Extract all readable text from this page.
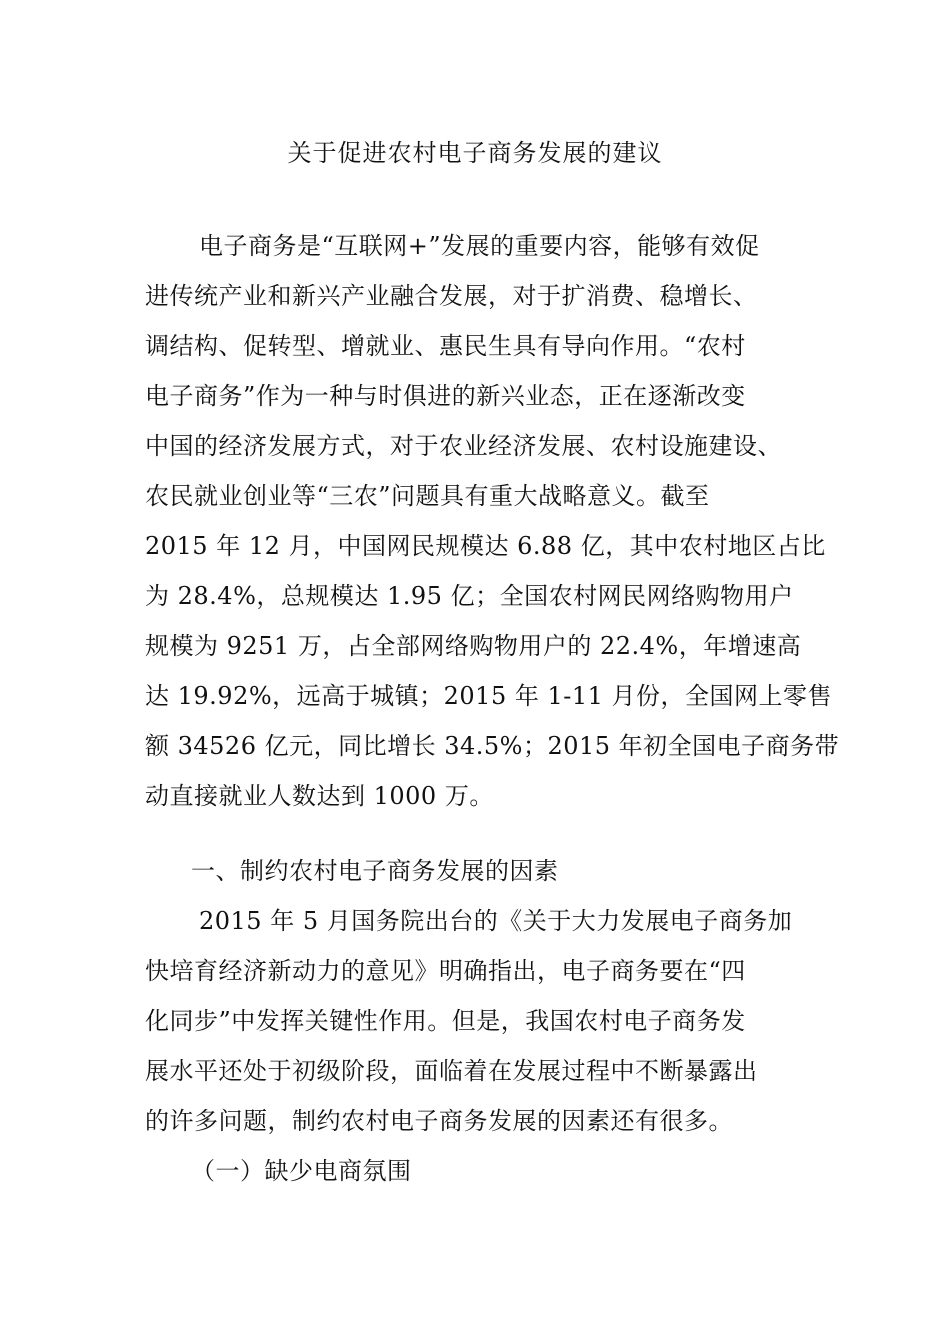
关于促进农村电子商务发展的建议
电子商务是“互联网+”发展的重要内容，能够有效促
进传统产业和新兴产业融合发展，对于扩消费、稳增长、
调结构、促转型、增就业、惠民生具有导向作用。“农村
电子商务”作为一种与时俱进的新兴业态，正在逐渐改变
中国的经济发展方式，对于农业经济发展、农村设施建设、
农民就业创业等“三农”问题具有重大战略意义。截至
2015 年 12 月，中国网民规模达 6.88 亿，其中农村地区占比
为 28.4%，总规模达 1.95 亿；全国农村网民网络购物用户
规模为 9251 万，占全部网络购物用户的 22.4%，年增速高
达 19.92%，远高于城镇；2015 年 1-11 月份，全国网上零售
额 34526 亿元，同比增长 34.5%；2015 年初全国电子商务带
动直接就业人数达到 1000 万。
一、制约农村电子商务发展的因素
2015 年 5 月国务院出台的《关于大力发展电子商务加
快培育经济新动力的意见》明确指出，电子商务要在“四
化同步”中发挥关键性作用。但是，我国农村电子商务发
展水平还处于初级阶段，面临着在发展过程中不断暴露出
的许多问题，制约农村电子商务发展的因素还有很多。
（一）缺少电商氛围
